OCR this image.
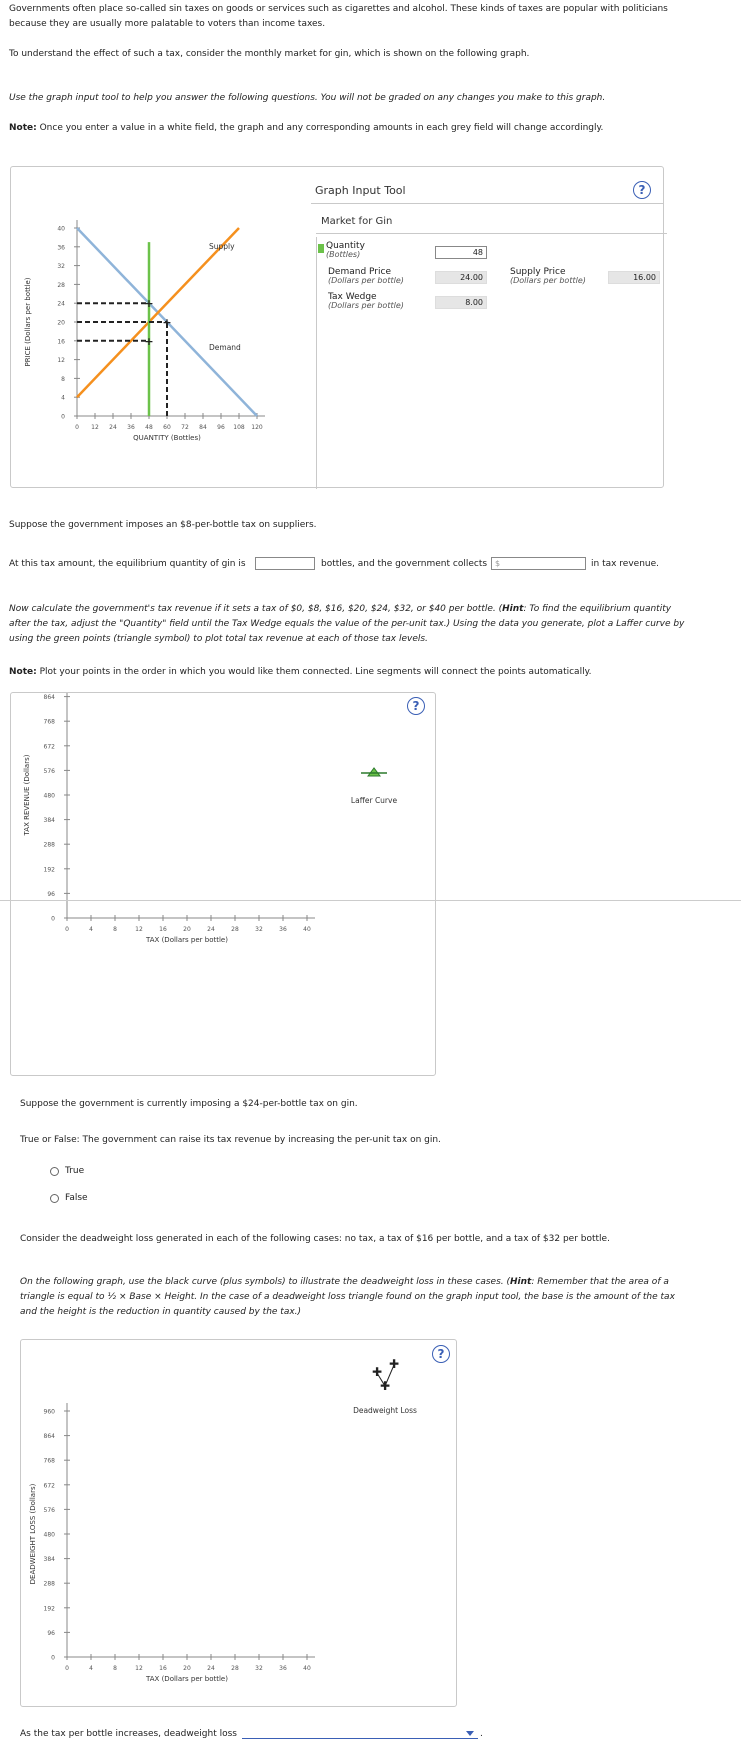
Governments often place so-called sin taxes on goods or services such as cigarettes and alcohol. These kinds of taxes are popular with politicians
because they are usually more palatable to voters than income taxes.
To understand the effect of such a tax, consider the monthly market for gin, which is shown on the following graph.
Use the graph input tool to help you answer the following questions. You will not be graded on any changes you make to this graph.
Note: Once you enter a value in a white field, the graph and any corresponding amounts in each grey field will change accordingly.
0
4
8
12
16
20
24
28
32
36
40
0 12 24 36 48 60 72 84 96 108 120
QUANTITY (Bottles)
PRICE (Dollars per bottle)	+
+
+
Supply
Demand
Graph Input Tool	?
Market for Gin
Quantity
(Bottles)	48
Demand Price
(Dollars per bottle)	24.00
Supply Price
(Dollars per bottle)	16.00
Tax Wedge
(Dollars per bottle)	8.00
Suppose the government imposes an $8-per-bottle tax on suppliers.
At this tax amount, the equilibrium quantity of gin is	bottles, and the government collects $	in tax revenue.
Now calculate the government's tax revenue if it sets a tax of $0, $8, $16, $20, $24, $32, or $40 per bottle. (Hint: To find the equilibrium quantity
after the tax, adjust the "Quantity" field until the Tax Wedge equals the value of the per-unit tax.) Using the data you generate, plot a Laffer curve by
using the green points (triangle symbol) to plot total tax revenue at each of those tax levels.
Note: Plot your points in the order in which you would like them connected. Line segments will connect the points automatically.
?
0
96
192
288
384
480
576
672
768
864
0	4	8	12	16	20	24	28	32	36	40
TAX (Dollars per bottle)
TAX REVENUE (Dollars)	Laffer Curve
Suppose the government is currently imposing a $24-per-bottle tax on gin.
True or False: The government can raise its tax revenue by increasing the per-unit tax on gin.
True
False
Consider the deadweight loss generated in each of the following cases: no tax, a tax of $16 per bottle, and a tax of $32 per bottle.
On the following graph, use the black curve (plus symbols) to illustrate the deadweight loss in these cases. (Hint: Remember that the area of a
triangle is equal to ½ × Base × Height. In the case of a deadweight loss triangle found on the graph input tool, the base is the amount of the tax
and the height is the reduction in quantity caused by the tax.)
?
0
96
192
288
384
480
576
672
768
864
960
0	4	8	12	16	20	24	28	32	36	40
TAX (Dollars per bottle)
DEADWEIGHT LOSS (Dollars)
✚
✚
✚
Deadweight Loss
As the tax per bottle increases, deadweight loss	.
